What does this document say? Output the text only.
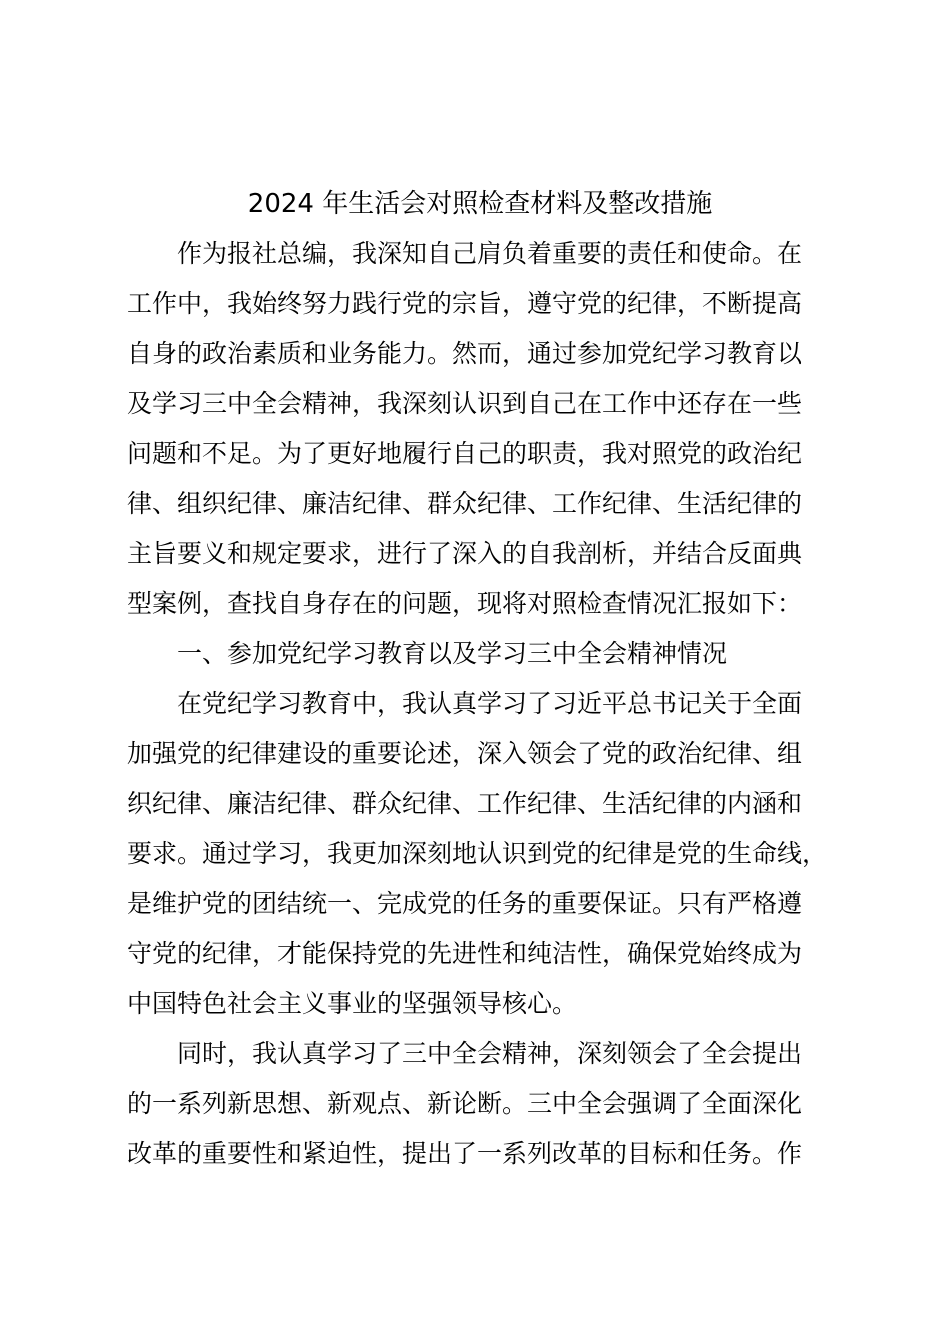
2024 年生活会对照检查材料及整改措施
作为报社总编，我深知自己肩负着重要的责任和使命。在
工作中，我始终努力践行党的宗旨，遵守党的纪律，不断提高
自身的政治素质和业务能力。然而，通过参加党纪学习教育以
及学习三中全会精神，我深刻认识到自己在工作中还存在一些
问题和不足。为了更好地履行自己的职责，我对照党的政治纪
律、组织纪律、廉洁纪律、群众纪律、工作纪律、生活纪律的
主旨要义和规定要求，进行了深入的自我剖析，并结合反面典
型案例，查找自身存在的问题，现将对照检查情况汇报如下：
一、参加党纪学习教育以及学习三中全会精神情况
在党纪学习教育中，我认真学习了习近平总书记关于全面
加强党的纪律建设的重要论述，深入领会了党的政治纪律、组
织纪律、廉洁纪律、群众纪律、工作纪律、生活纪律的内涵和
要求。通过学习，我更加深刻地认识到党的纪律是党的生命线，
是维护党的团结统一、完成党的任务的重要保证。只有严格遵
守党的纪律，才能保持党的先进性和纯洁性，确保党始终成为
中国特色社会主义事业的坚强领导核心。
同时，我认真学习了三中全会精神，深刻领会了全会提出
的一系列新思想、新观点、新论断。三中全会强调了全面深化
改革的重要性和紧迫性，提出了一系列改革的目标和任务。作
